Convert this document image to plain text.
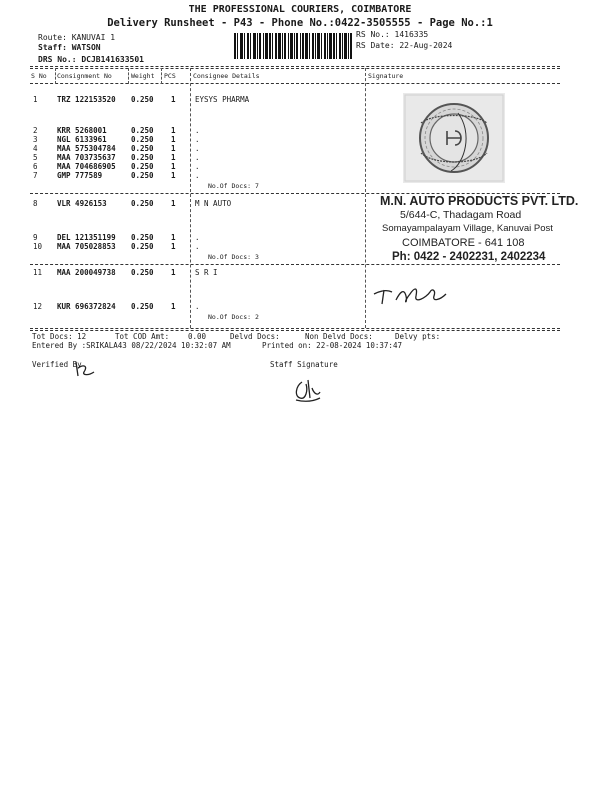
THE PROFESSIONAL COURIERS, COIMBATORE
Delivery Runsheet - P43 - Phone No.:0422-3505555 - Page No.:1
Route: KANUVAI 1
Staff: WATSON
DRS No.: DCJB141633501
RS No.: 1416335
RS Date: 22-Aug-2024
S No Consignment No	Weight PCS	Consignee Details	Signature
1	TRZ 122153520 0.250 1	EYSYS PHARMA
2	KRR 5268001	0.250 1	.
3	NGL 6133961	0.250 1	.
4	MAA 575304784 0.250 1	.
5	MAA 703735637 0.250 1	.
6	MAA 704686905 0.250 1	.
7	GMP 777589	0.250 1	.
No.Of Docs: 7
8	VLR 4926153	0.250 1	M N AUTO
9	DEL 121351199 0.250 1	.
10 MAA 705028853 0.250 1	.
No.Of Docs: 3
11 MAA 200049738 0.250 1	S R I
12 KUR 696372824 0.250 1	.
No.Of Docs: 2
M.N. AUTO PRODUCTS PVT. LTD.
5/644-C, Thadagam Road
Somayampalayam Village, Kanuvai Post
COIMBATORE - 641 108
Ph: 0422 - 2402231, 2402234
Tot Docs: 12	Tot COD Amt:	0.00	Delvd Docs:	Non Delvd Docs:	Delvy pts:
Entered By :SRIKALA43 08/22/2024 10:32:07 AM	Printed on: 22-08-2024 10:37:47
Verified By	Staff Signature
